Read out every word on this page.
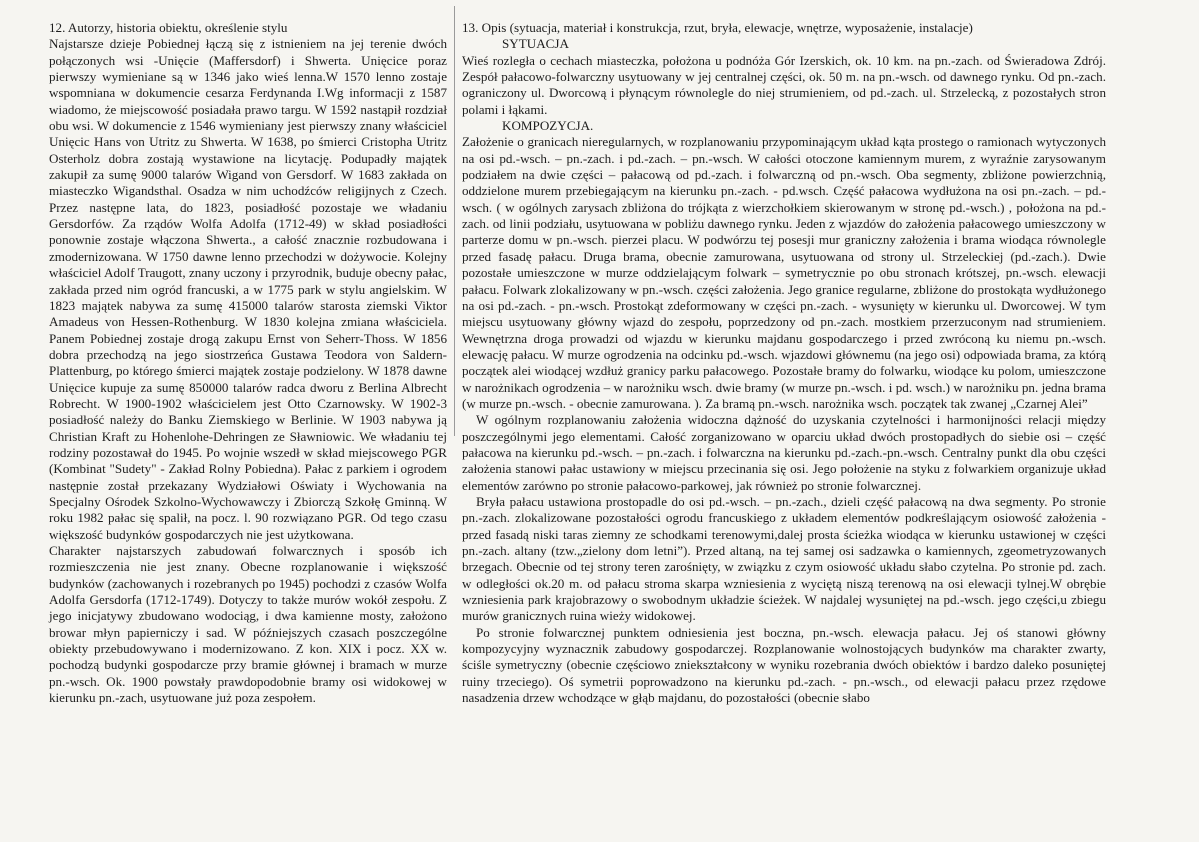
12. Autorzy, historia obiektu, określenie stylu

Najstarsze dzieje Pobiednej łączą się z istnieniem na jej terenie dwóch połączonych wsi -Unięcie (Maffersdorf) i Shwerta. Unięcice poraz pierwszy wymieniane są w 1346 jako wieś lenna.W 1570 lenno zostaje wspomniana w dokumencie cesarza Ferdynanda I.Wg informacji z 1587 wiadomo, że miejscowość posiadała prawo targu. W 1592 nastąpił rozdział obu wsi. W dokumencie z 1546 wymieniany jest pierwszy znany właściciel Unięcic Hans von Utritz zu Shwerta. W 1638, po śmierci Cristopha Utritz Osterholz dobra zostają wystawione na licytację. Podupadły majątek zakupił za sumę 9000 talarów Wigand von Gersdorf. W 1683 zakłada on miasteczko Wigandsthal. Osadza w nim uchodźców religijnych z Czech. Przez następne lata, do 1823, posiadłość pozostaje we władaniu Gersdorfów. Za rządów Wolfa Adolfa (1712-49) w skład posiadłości ponownie zostaje włączona Shwerta., a całość znacznie rozbudowana i zmodernizowana. W 1750 dawne lenno przechodzi w dożywocie. Kolejny właściciel Adolf Traugott, znany uczony i przyrodnik, buduje obecny pałac, zakłada przed nim ogród francuski, a w 1775 park w stylu angielskim. W 1823 majątek nabywa za sumę 415000 talarów starosta ziemski Viktor Amadeus von Hessen-Rothenburg. W 1830 kolejna zmiana właściciela. Panem Pobiednej zostaje drogą zakupu Ernst von Seherr-Thoss. W 1856 dobra przechodzą na jego siostrzeńca Gustawa Teodora von Saldern-Plattenburg, po którego śmierci majątek zostaje podzielony. W 1878 dawne Unięcice kupuje za sumę 850000 talarów radca dworu z Berlina Albrecht Robrecht. W 1900-1902 właścicielem jest Otto Czarnowsky. W 1902-3 posiadłość należy do Banku Ziemskiego w Berlinie. W 1903 nabywa ją Christian Kraft zu Hohenlohe-Dehringen ze Sławniowic. We władaniu tej rodziny pozostawał do 1945. Po wojnie wszedł w skład miejscowego PGR (Kombinat "Sudety" - Zakład Rolny Pobiedna). Pałac z parkiem i ogrodem następnie został przekazany Wydziałowi Oświaty i Wychowania na Specjalny Ośrodek Szkolno-Wychowawczy i Zbiorczą Szkołę Gminną. W roku 1982 pałac się spalił, na pocz. l. 90 rozwiązano PGR. Od tego czasu większość budynków gospodarczych nie jest użytkowana.

Charakter najstarszych zabudowań folwarcznych i sposób ich rozmieszczenia nie jest znany. Obecne rozplanowanie i większość budynków (zachowanych i rozebranych po 1945) pochodzi z czasów Wolfa Adolfa Gersdorfa (1712-1749). Dotyczy to także murów wokół zespołu. Z jego inicjatywy zbudowano wodociąg, i dwa kamienne mosty, założono browar młyn papierniczy i sad. W późniejszych czasach poszczególne obiekty przebudowywano i modernizowano. Z kon. XIX i pocz. XX w. pochodzą budynki gospodarcze przy bramie głównej i bramach w murze pn.-wsch. Ok. 1900 powstały prawdopodobnie bramy osi widokowej w kierunku pn.-zach, usytuowane już poza zespołem.

13. Opis (sytuacja, materiał i konstrukcja, rzut, bryła, elewacje, wnętrze, wyposażenie, instalacje)

SYTUACJA

Wieś rozległa o cechach miasteczka, położona u podnóża Gór Izerskich, ok. 10 km. na pn.-zach. od Świeradowa Zdrój. Zespół pałacowo-folwarczny usytuowany w jej centralnej części, ok. 50 m. na pn.-wsch. od dawnego rynku. Od pn.-zach. ograniczony ul. Dworcową i płynącym równolegle do niej strumieniem, od pd.-zach. ul. Strzelecką, z pozostałych stron polami i łąkami.

KOMPOZYCJA.

Założenie o granicach nieregularnych, w rozplanowaniu przypominającym układ kąta prostego o ramionach wytyczonych na osi pd.-wsch. – pn.-zach. i pd.-zach. – pn.-wsch. W całości otoczone kamiennym murem, z wyraźnie zarysowanym podziałem na dwie części – pałacową od pd.-zach. i folwarczną od pn.-wsch. Oba segmenty, zbliżone powierzchnią, oddzielone murem przebiegającym na kierunku pn.-zach. - pd.wsch. Część pałacowa wydłużona na osi pn.-zach. – pd.-wsch. ( w ogólnych zarysach zbliżona do trójkąta z wierzchołkiem skierowanym w stronę pd.-wsch.) , położona na pd.-zach. od linii podziału, usytuowana w pobliżu dawnego rynku. Jeden z wjazdów do założenia pałacowego umieszczony w parterze domu w pn.-wsch. pierzei placu. W podwórzu tej posesji mur graniczny założenia i brama wiodąca równolegle przed fasadę pałacu. Druga brama, obecnie zamurowana, usytuowana od strony ul. Strzeleckiej (pd.-zach.). Dwie pozostałe umieszczone w murze oddzielającym folwark – symetrycznie po obu stronach krótszej, pn.-wsch. elewacji pałacu. Folwark zlokalizowany w pn.-wsch. części założenia. Jego granice regularne, zbliżone do prostokąta wydłużonego na osi pd.-zach. - pn.-wsch. Prostokąt zdeformowany w części pn.-zach. - wysunięty w kierunku ul. Dworcowej. W tym miejscu usytuowany główny wjazd do zespołu, poprzedzony od pn.-zach. mostkiem przerzuconym nad strumieniem. Wewnętrzna droga prowadzi od wjazdu w kierunku majdanu gospodarczego i przed zwróconą ku niemu pn.-wsch. elewację pałacu. W murze ogrodzenia na odcinku pd.-wsch. wjazdowi głównemu (na jego osi) odpowiada brama, za którą początek alei wiodącej wzdłuż granicy parku pałacowego. Pozostałe bramy do folwarku, wiodące ku polom, umieszczone w narożnikach ogrodzenia – w narożniku wsch. dwie bramy (w murze pn.-wsch. i pd. wsch.) w narożniku pn. jedna brama (w murze pn.-wsch. - obecnie zamurowana. ). Za bramą pn.-wsch. narożnika wsch. początek tak zwanej „Czarnej Alei”

W ogólnym rozplanowaniu założenia widoczna dążność do uzyskania czytelności i harmonijności relacji między poszczególnymi jego elementami. Całość zorganizowano w oparciu układ dwóch prostopadłych do siebie osi – część pałacowa na kierunku pd.-wsch. – pn.-zach. i folwarczna na kierunku pd.-zach.-pn.-wsch. Centralny punkt dla obu części założenia stanowi pałac ustawiony w miejscu przecinania się osi. Jego położenie na styku z folwarkiem organizuje układ elementów zarówno po stronie pałacowo-parkowej, jak również po stronie folwarcznej.

Bryła pałacu ustawiona prostopadle do osi pd.-wsch. – pn.-zach., dzieli część pałacową na dwa segmenty. Po stronie pn.-zach. zlokalizowane pozostałości ogrodu francuskiego z układem elementów podkreślającym osiowość założenia - przed fasadą niski taras ziemny ze schodkami terenowymi,dalej prosta ścieżka wiodąca w kierunku ustawionej w części pn.-zach. altany (tzw.„zielony dom letni”). Przed altaną, na tej samej osi sadzawka o kamiennych, zgeometryzowanych brzegach. Obecnie od tej strony teren zarośnięty, w związku z czym osiowość układu słabo czytelna. Po stronie pd. zach. w odległości ok.20 m. od pałacu stroma skarpa wzniesienia z wyciętą niszą terenową na osi elewacji tylnej.W obrębie wzniesienia park krajobrazowy o swobodnym układzie ścieżek. W najdalej wysuniętej na pd.-wsch. jego części,u zbiegu murów granicznych ruina wieży widokowej.

Po stronie folwarcznej punktem odniesienia jest boczna, pn.-wsch. elewacja pałacu. Jej oś stanowi główny kompozycyjny wyznacznik zabudowy gospodarczej. Rozplanowanie wolnostojących budynków ma charakter zwarty, ściśle symetryczny (obecnie częściowo zniekształcony w wyniku rozebrania dwóch obiektów i bardzo daleko posuniętej ruiny trzeciego). Oś symetrii poprowadzono na kierunku pd.-zach. - pn.-wsch., od elewacji pałacu przez rzędowe nasadzenia drzew wchodzące w głąb majdanu, do pozostałości (obecnie słabo
